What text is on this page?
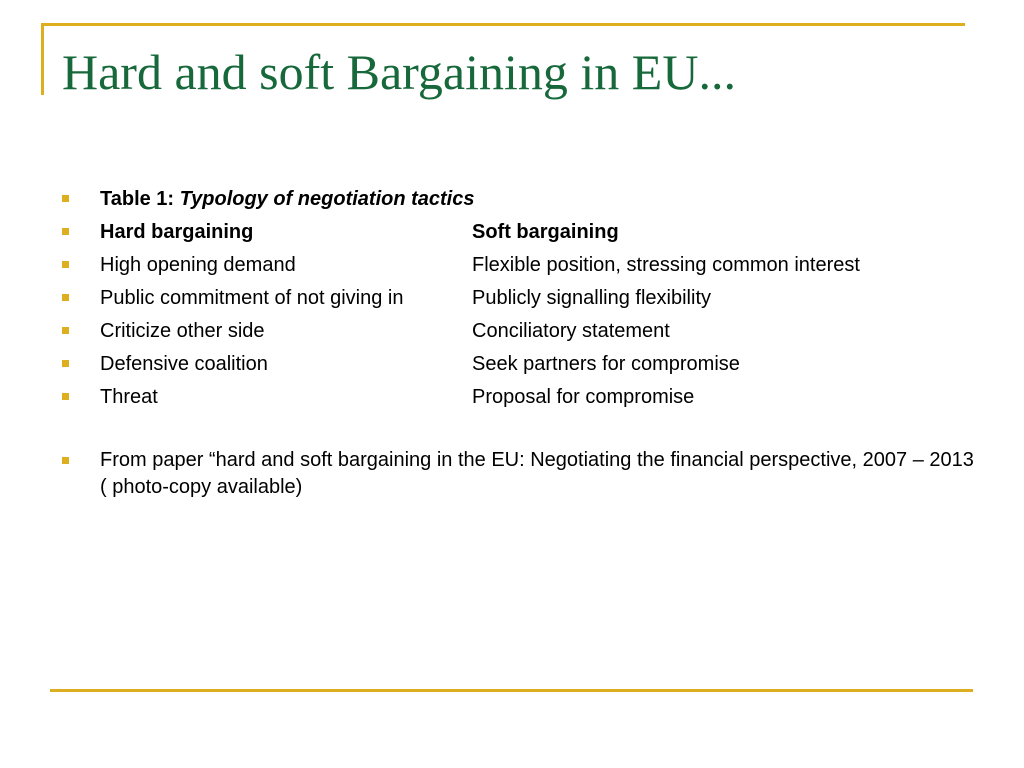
Hard and soft Bargaining in EU...
Table 1: Typology of negotiation tactics
Hard bargaining	Soft bargaining
High opening demand	Flexible position, stressing common interest
Public commitment of not giving in	Publicly signalling flexibility
Criticize other side	Conciliatory statement
Defensive coalition	Seek partners for compromise
Threat	Proposal for compromise
From paper “hard and soft bargaining in the EU: Negotiating the financial perspective, 2007 – 2013 ( photo-copy available)
